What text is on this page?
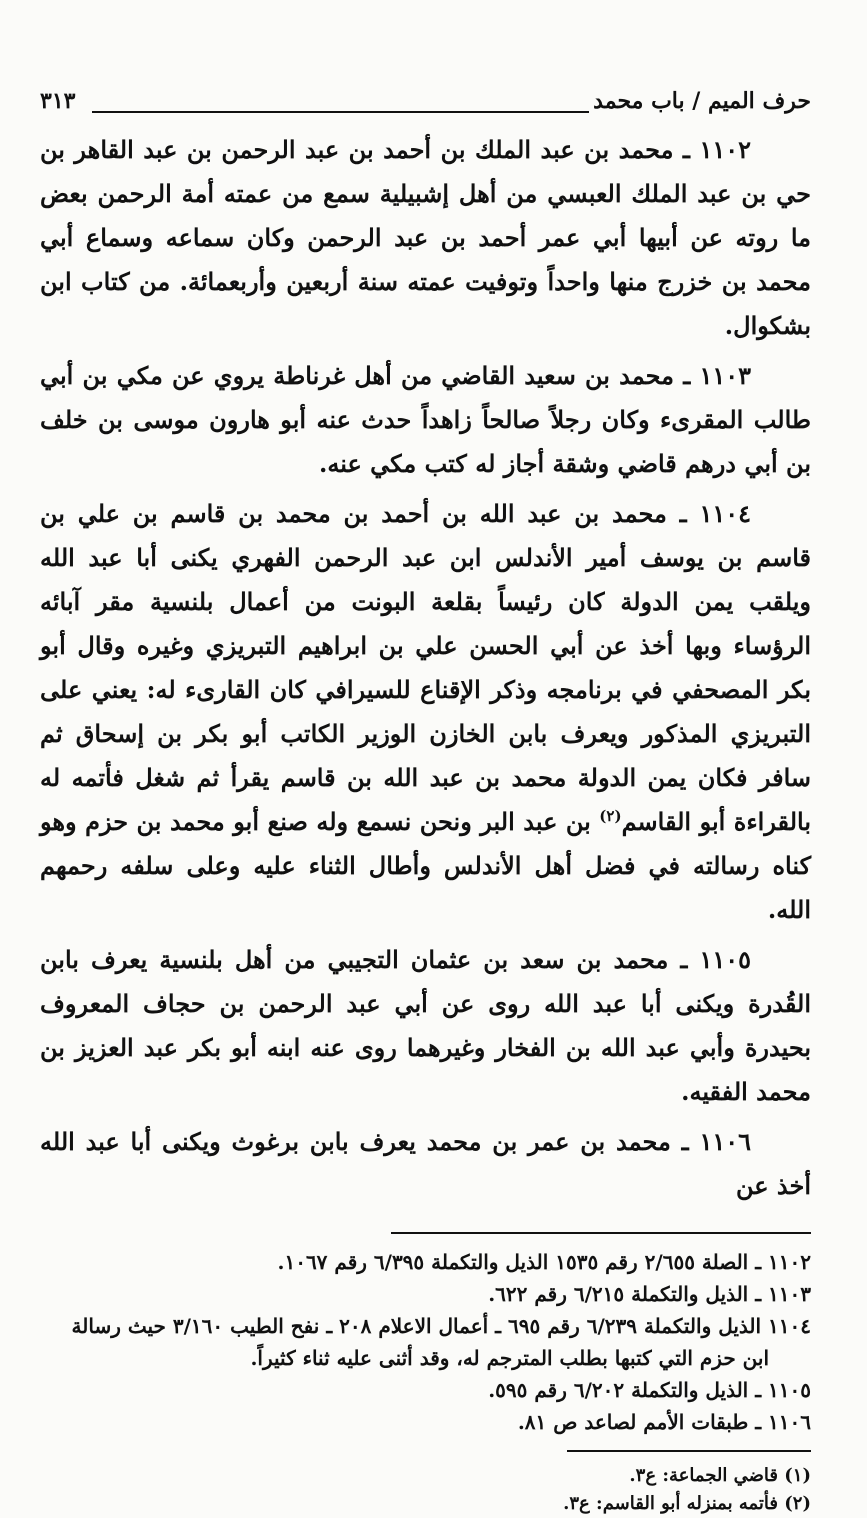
حرف الميم / باب محمد
٣١٣

١١٠٢ ـ محمد بن عبد الملك بن أحمد بن عبد الرحمن بن عبد القاهر بن حي بن عبد الملك العبسي من أهل إشبيلية سمع من عمته أمة الرحمن بعض ما روته عن أبيها أبي عمر أحمد بن عبد الرحمن وكان سماعه وسماع أبي محمد بن خزرج منها واحداً وتوفيت عمته سنة أربعين وأربعمائة. من كتاب ابن بشكوال.

١١٠٣ ـ محمد بن سعيد القاضي من أهل غرناطة يروي عن مكي بن أبي طالب المقرىء وكان رجلاً صالحاً زاهداً حدث عنه أبو هارون موسى بن خلف بن أبي درهم قاضي وشقة أجاز له كتب مكي عنه.

١١٠٤ ـ محمد بن عبد الله بن أحمد بن محمد بن قاسم بن علي بن قاسم بن يوسف أمير الأندلس ابن عبد الرحمن الفهري يكنى أبا عبد الله ويلقب يمن الدولة كان رئيساً بقلعة البونت من أعمال بلنسية مقر آبائه الرؤساء وبها أخذ عن أبي الحسن علي بن ابراهيم التبريزي وغيره وقال أبو بكر المصحفي في برنامجه وذكر الإقناع للسيرافي كان القارىء له: يعني على التبريزي المذكور ويعرف بابن الخازن الوزير الكاتب أبو بكر بن إسحاق ثم سافر فكان يمن الدولة محمد بن عبد الله بن قاسم يقرأ ثم شغل فأتمه له بالقراءة أبو القاسم$^{(٢)}$ بن عبد البر ونحن نسمع وله صنع أبو محمد بن حزم وهو كناه رسالته في فضل أهل الأندلس وأطال الثناء عليه وعلى سلفه رحمهم الله.

١١٠٥ ـ محمد بن سعد بن عثمان التجيبي من أهل بلنسية يعرف بابن القُدرة ويكنى أبا عبد الله روى عن أبي عبد الرحمن بن حجاف المعروف بحيدرة وأبي عبد الله بن الفخار وغيرهما روى عنه ابنه أبو بكر عبد العزيز بن محمد الفقيه.

١١٠٦ ـ محمد بن عمر بن محمد يعرف بابن برغوث ويكنى أبا عبد الله أخذ عن

١١٠٢ ـ الصلة ٢/٦٥٥ رقم ١٥٣٥ الذيل والتكملة ٦/٣٩٥ رقم ١٠٦٧.
١١٠٣ ـ الذيل والتكملة ٦/٢١٥ رقم ٦٢٢.
١١٠٤ الذيل والتكملة ٦/٢٣٩ رقم ٦٩٥ ـ أعمال الاعلام ٢٠٨ ـ نفح الطيب ٣/١٦٠ حيث رسالة
ابن حزم التي كتبها بطلب المترجم له، وقد أثنى عليه ثناء كثيراً.
١١٠٥ ـ الذيل والتكملة ٦/٢٠٢ رقم ٥٩٥.
١١٠٦ ـ طبقات الأمم لصاعد ص ٨١.
(١) قاضي الجماعة: ع٣.
(٢) فأتمه بمنزله أبو القاسم: ع٣.
